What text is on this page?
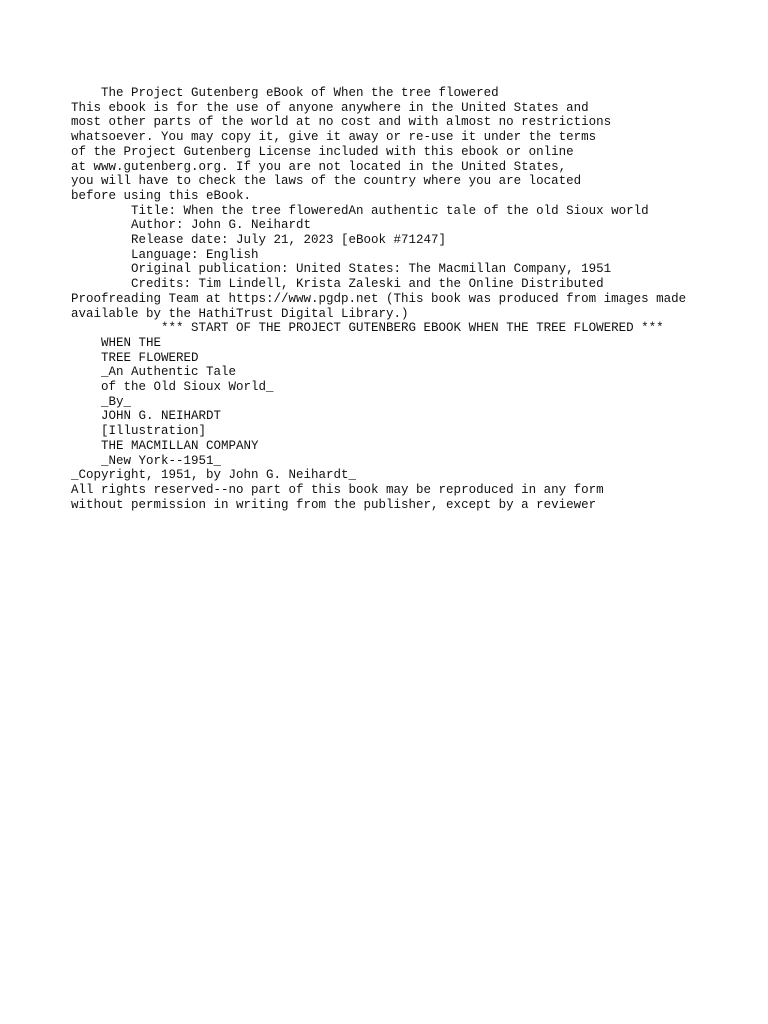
The Project Gutenberg eBook of When the tree flowered
This ebook is for the use of anyone anywhere in the United States and
most other parts of the world at no cost and with almost no restrictions
whatsoever. You may copy it, give it away or re-use it under the terms
of the Project Gutenberg License included with this ebook or online
at www.gutenberg.org. If you are not located in the United States,
you will have to check the laws of the country where you are located
before using this eBook.
Title: When the tree floweredAn authentic tale of the old Sioux world
Author: John G. Neihardt
Release date: July 21, 2023 [eBook #71247]
Language: English
Original publication: United States: The Macmillan Company, 1951
Credits: Tim Lindell, Krista Zaleski and the Online Distributed
Proofreading Team at https://www.pgdp.net (This book was produced from images made
available by the HathiTrust Digital Library.)
*** START OF THE PROJECT GUTENBERG EBOOK WHEN THE TREE FLOWERED ***
WHEN THE
TREE FLOWERED
_An Authentic Tale
of the Old Sioux World_
_By_
JOHN G. NEIHARDT
[Illustration]
THE MACMILLAN COMPANY
_New York--1951_
_Copyright, 1951, by John G. Neihardt_
All rights reserved--no part of this book may be reproduced in any form
without permission in writing from the publisher, except by a reviewer
